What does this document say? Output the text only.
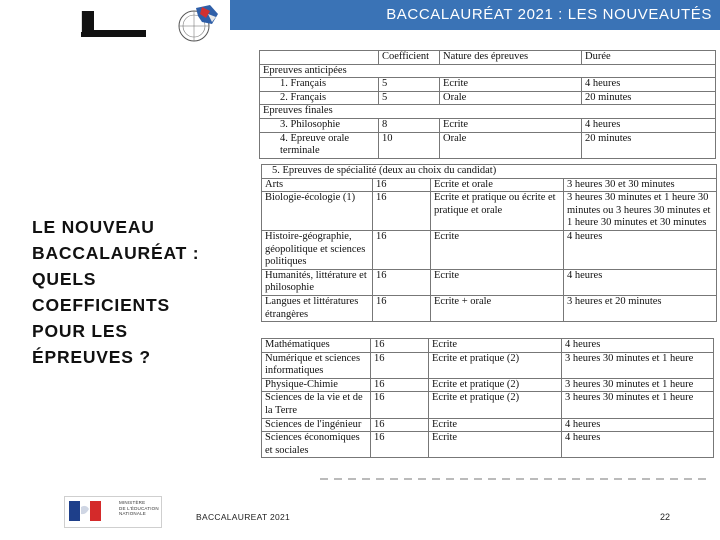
BACCALAURÉAT 2021 : LES NOUVEAUTÉS
LE NOUVEAU
BACCALAURÉAT :
QUELS
COEFFICIENTS
POUR LES
ÉPREUVES ?
	Coefficient	Nature des épreuves	Durée
Epreuves anticipées			
1. Français	5	Ecrite	4 heures
2. Français	5	Orale	20 minutes
Epreuves finales			
3. Philosophie	8	Ecrite	4 heures
4. Epreuve orale terminale	10	Orale	20 minutes
5. Epreuves de spécialité (deux au choix du candidat)			
Arts	16	Ecrite et orale	3 heures 30 et 30 minutes
Biologie-écologie (1)	16	Ecrite et pratique ou écrite et pratique et orale	3 heures 30 minutes et 1 heure 30 minutes ou 3 heures 30 minutes et 1 heure 30 minutes et 30 minutes
Histoire-géographie, géopolitique et sciences politiques	16	Ecrite	4 heures
Humanités, littérature et philosophie	16	Ecrite	4 heures
Langues et littératures étrangères	16	Ecrite + orale	3 heures et 20 minutes
Mathématiques	16	Ecrite	4 heures
Numérique et sciences informatiques	16	Ecrite et pratique (2)	3 heures 30 minutes et 1 heure
Physique-Chimie	16	Ecrite et pratique (2)	3 heures 30 minutes et 1 heure
Sciences de la vie et de la Terre	16	Ecrite et pratique (2)	3 heures 30 minutes et 1 heure
Sciences de l'ingénieur	16	Ecrite	4 heures
Sciences économiques et sociales	16	Ecrite	4 heures
MINISTÈRE
DE L'ÉDUCATION
NATIONALE	BACCALAUREAT 2021	22
